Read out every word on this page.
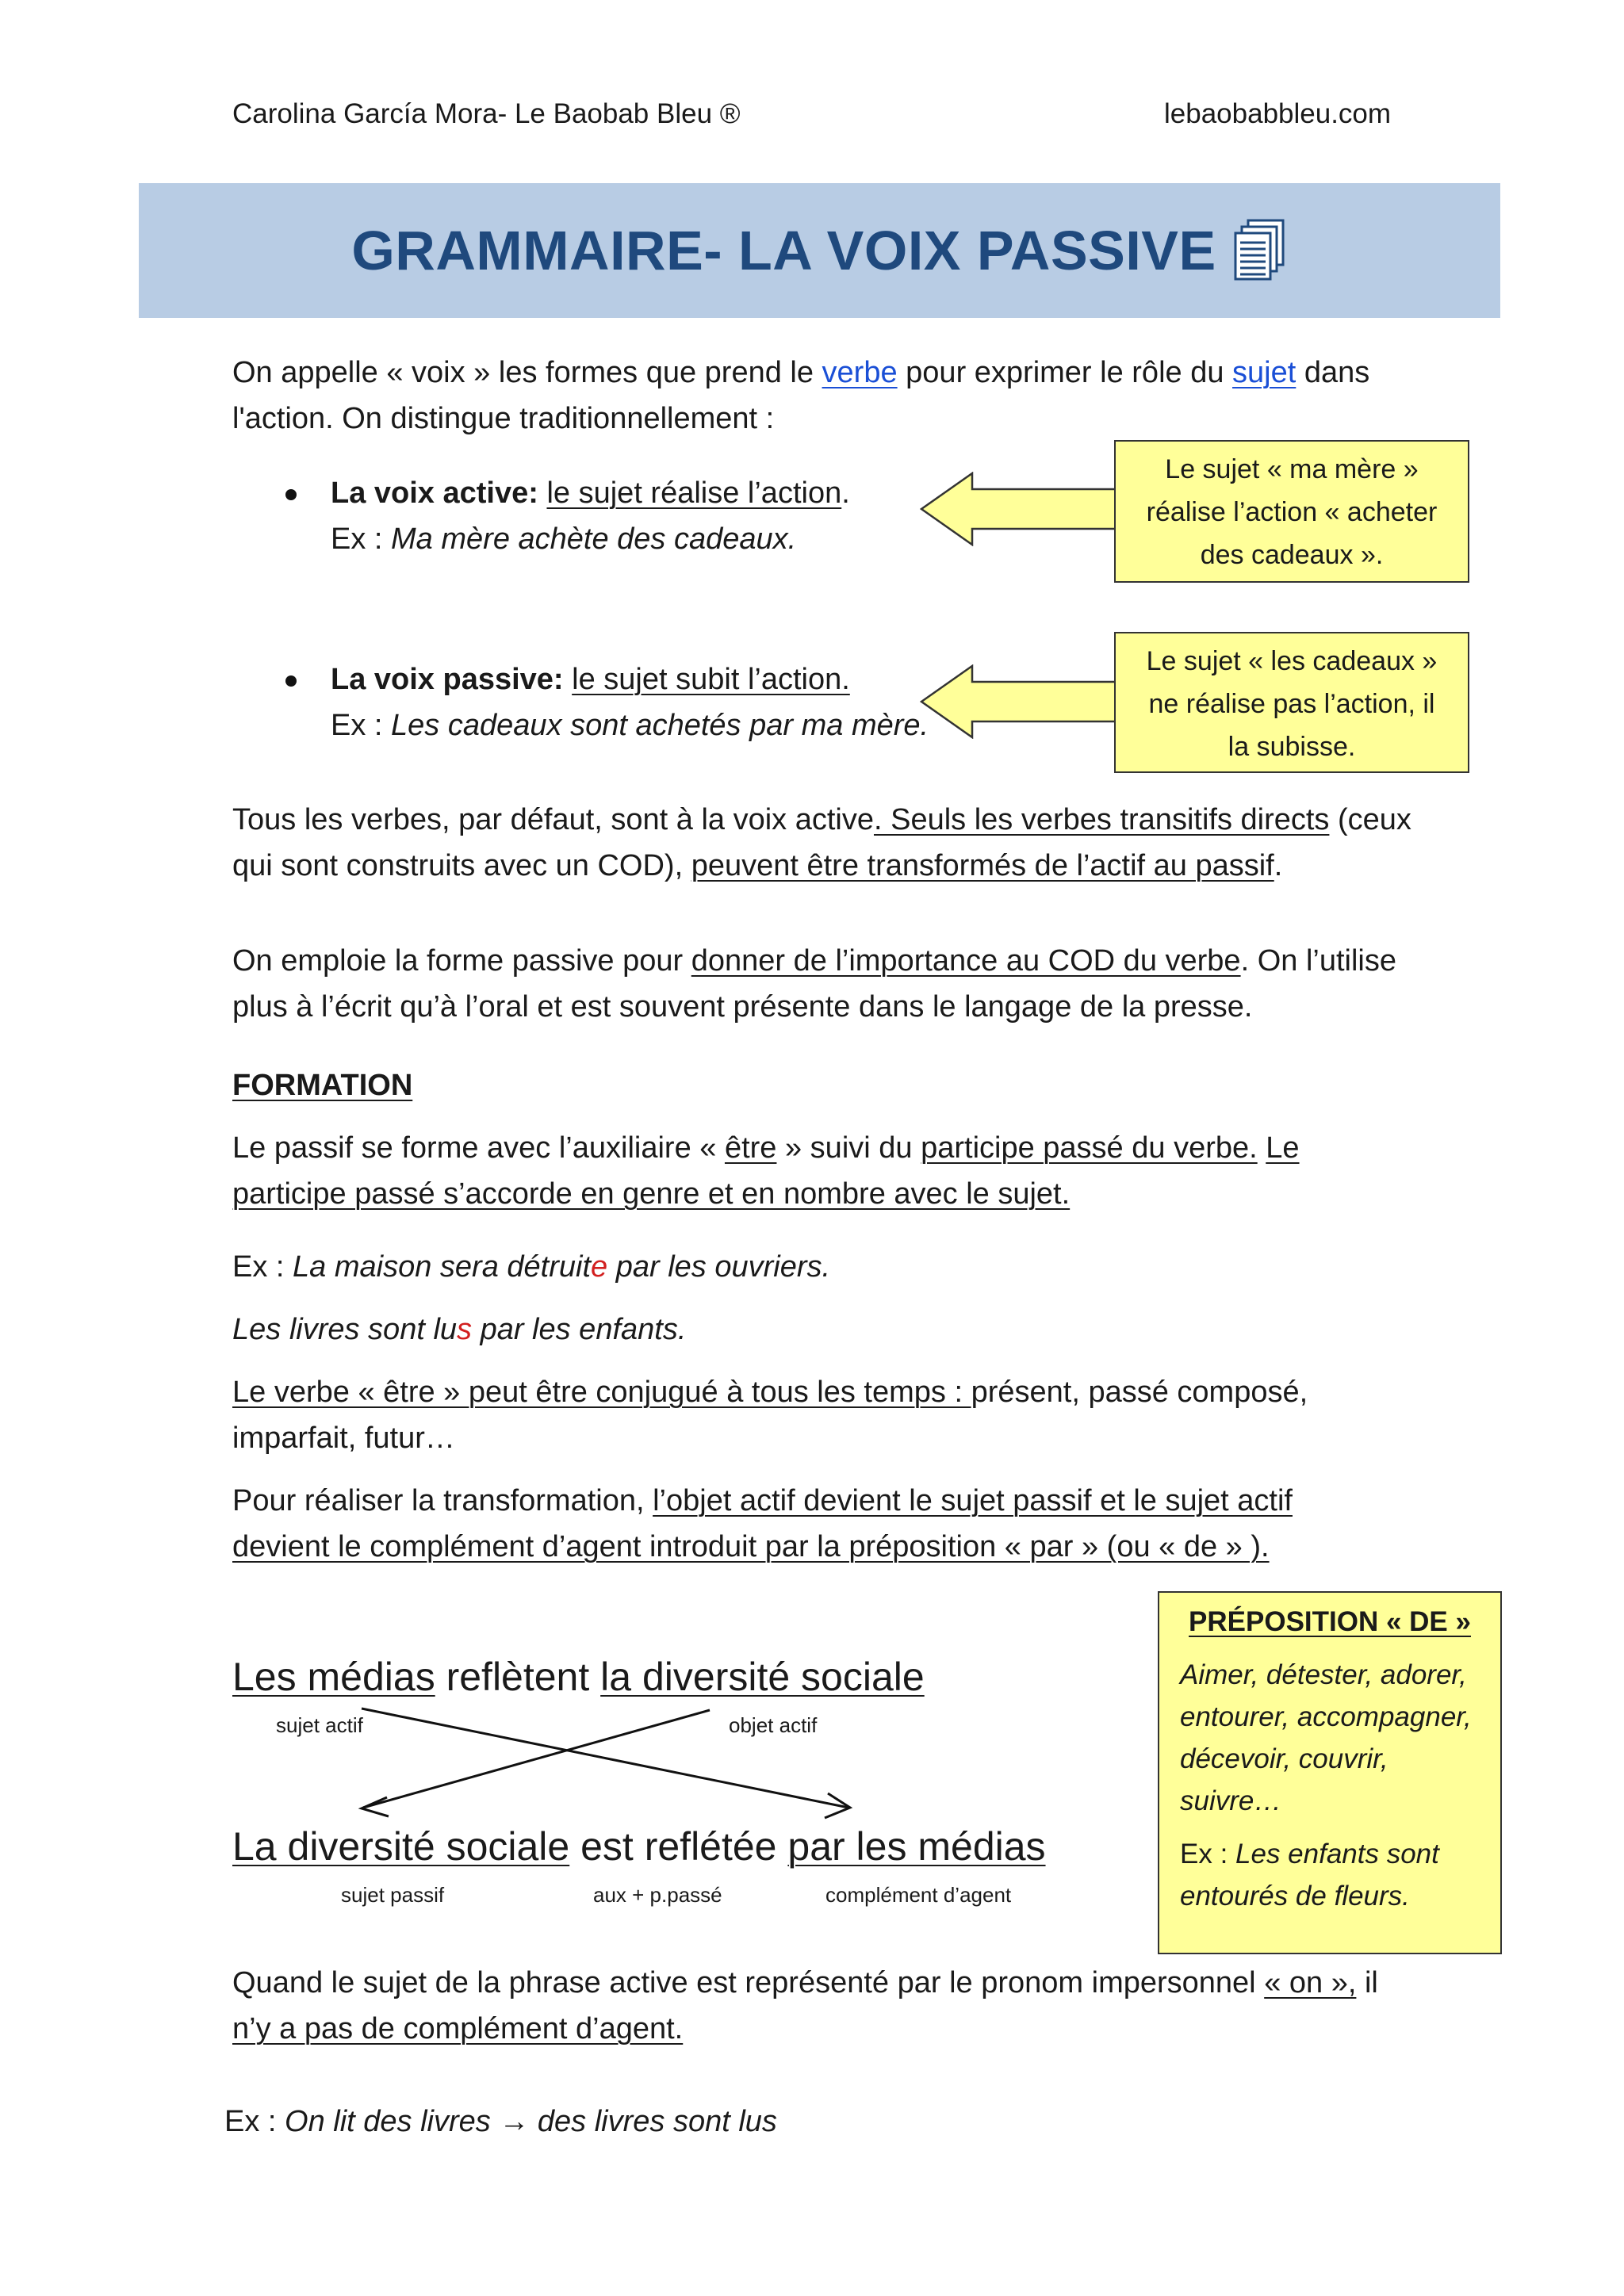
Carolina García Mora- Le Baobab Bleu ®	lebaobabbleu.com
GRAMMAIRE- LA VOIX PASSIVE
On appelle « voix » les formes que prend le verbe pour exprimer le rôle du sujet dans
l'action. On distingue traditionnellement :
La voix active: le sujet réalise l’action.
Ex : Ma mère achète des cadeaux.
Le sujet « ma mère »
réalise l’action « acheter
des cadeaux ».
La voix passive: le sujet subit l’action.
Ex : Les cadeaux sont achetés par ma mère.
Le sujet « les cadeaux »
ne réalise pas l’action, il
la subisse.
Tous les verbes, par défaut, sont à la voix active. Seuls les verbes transitifs directs (ceux
qui sont construits avec un COD), peuvent être transformés de l’actif au passif.
On emploie la forme passive pour donner de l’importance au COD du verbe. On l’utilise
plus à l’écrit qu’à l’oral et est souvent présente dans le langage de la presse.
FORMATION
Le passif se forme avec l’auxiliaire « être » suivi du participe passé du verbe. Le
participe passé s’accorde en genre et en nombre avec le sujet.
Ex : La maison sera détruite par les ouvriers.
Les livres sont lus par les enfants.
Le verbe « être » peut être conjugué à tous les temps : présent, passé composé,
imparfait, futur…
Pour réaliser la transformation, l’objet actif devient le sujet passif et le sujet actif
devient le complément d’agent introduit par la préposition « par » (ou « de » ).
Les médias reflètent la diversité sociale
sujet actif	objet actif
La diversité sociale est reflétée par les médias
sujet passif	aux + p.passé	complément d’agent
PRÉPOSITION « DE »
Aimer, détester, adorer,
entourer, accompagner,
décevoir, couvrir,
suivre…
Ex : Les enfants sont
entourés de fleurs.
Quand le sujet de la phrase active est représenté par le pronom impersonnel « on », il
n’y a pas de complément d’agent.
Ex : On lit des livres → des livres sont lus
